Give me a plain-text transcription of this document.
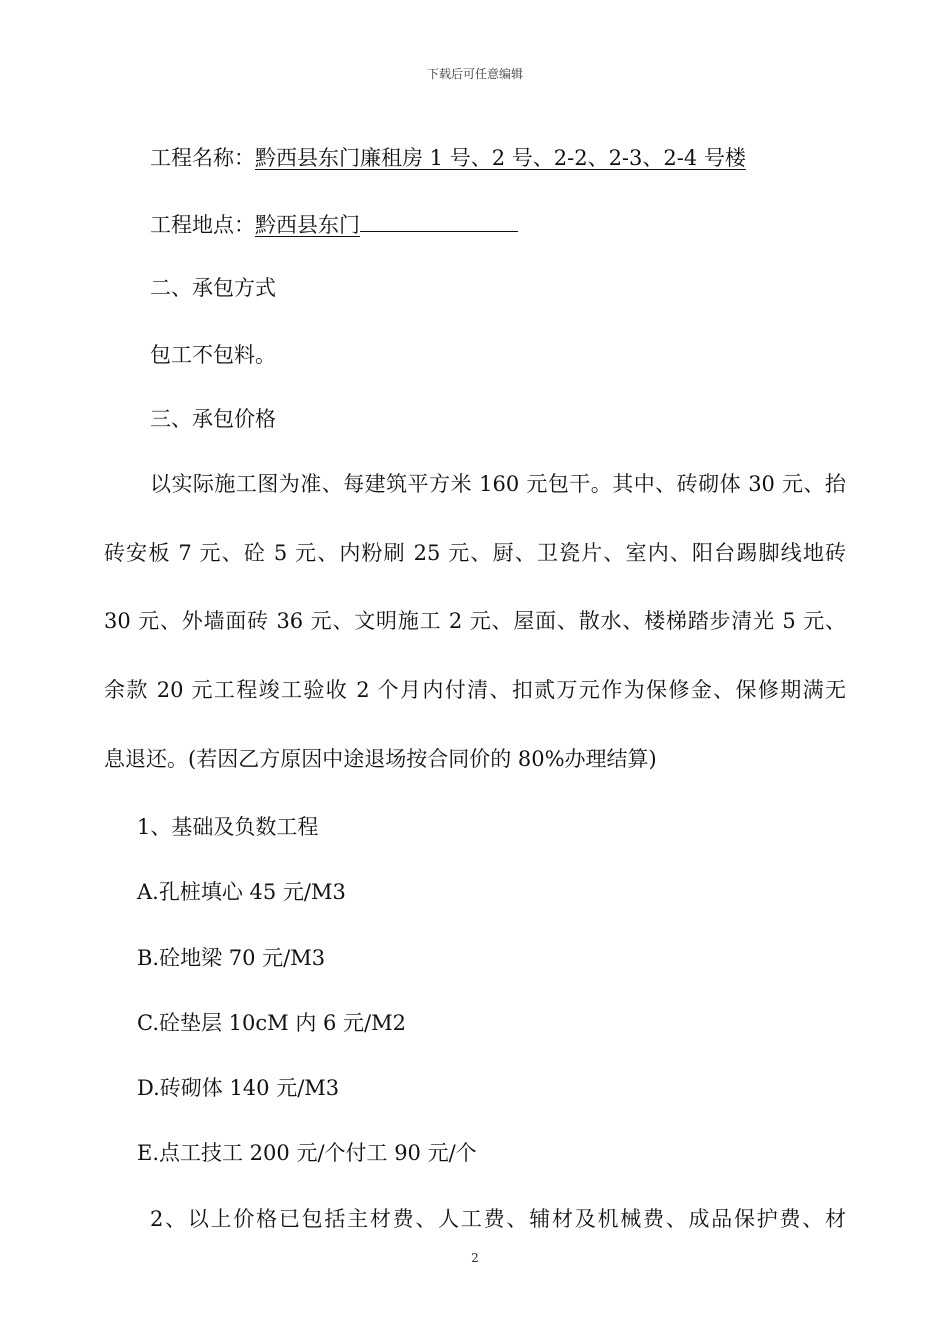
下载后可任意编辑
工程名称：黔西县东门廉租房 1 号、2 号、2-2、2-3、2-4 号楼
工程地点：黔西县东门
二、承包方式
包工不包料。
三、承包价格
以实际施工图为准、每建筑平方米 160 元包干。其中、砖砌体 30 元、抬
砖安板 7 元、砼 5 元、内粉刷 25 元、厨、卫瓷片、室内、阳台踢脚线地砖
30 元、外墙面砖 36 元、文明施工 2 元、屋面、散水、楼梯踏步清光 5 元、
余款 20 元工程竣工验收 2 个月内付清、扣贰万元作为保修金、保修期满无
息退还。(若因乙方原因中途退场按合同价的 80%办理结算)
1、基础及负数工程
A.孔桩填心 45 元/M3
B.砼地梁 70 元/M3
C.砼垫层 10cM 内 6 元/M2
D.砖砌体 140 元/M3
E.点工技工 200 元/个付工 90 元/个
2、以上价格已包括主材费、人工费、辅材及机械费、成品保护费、材
2
